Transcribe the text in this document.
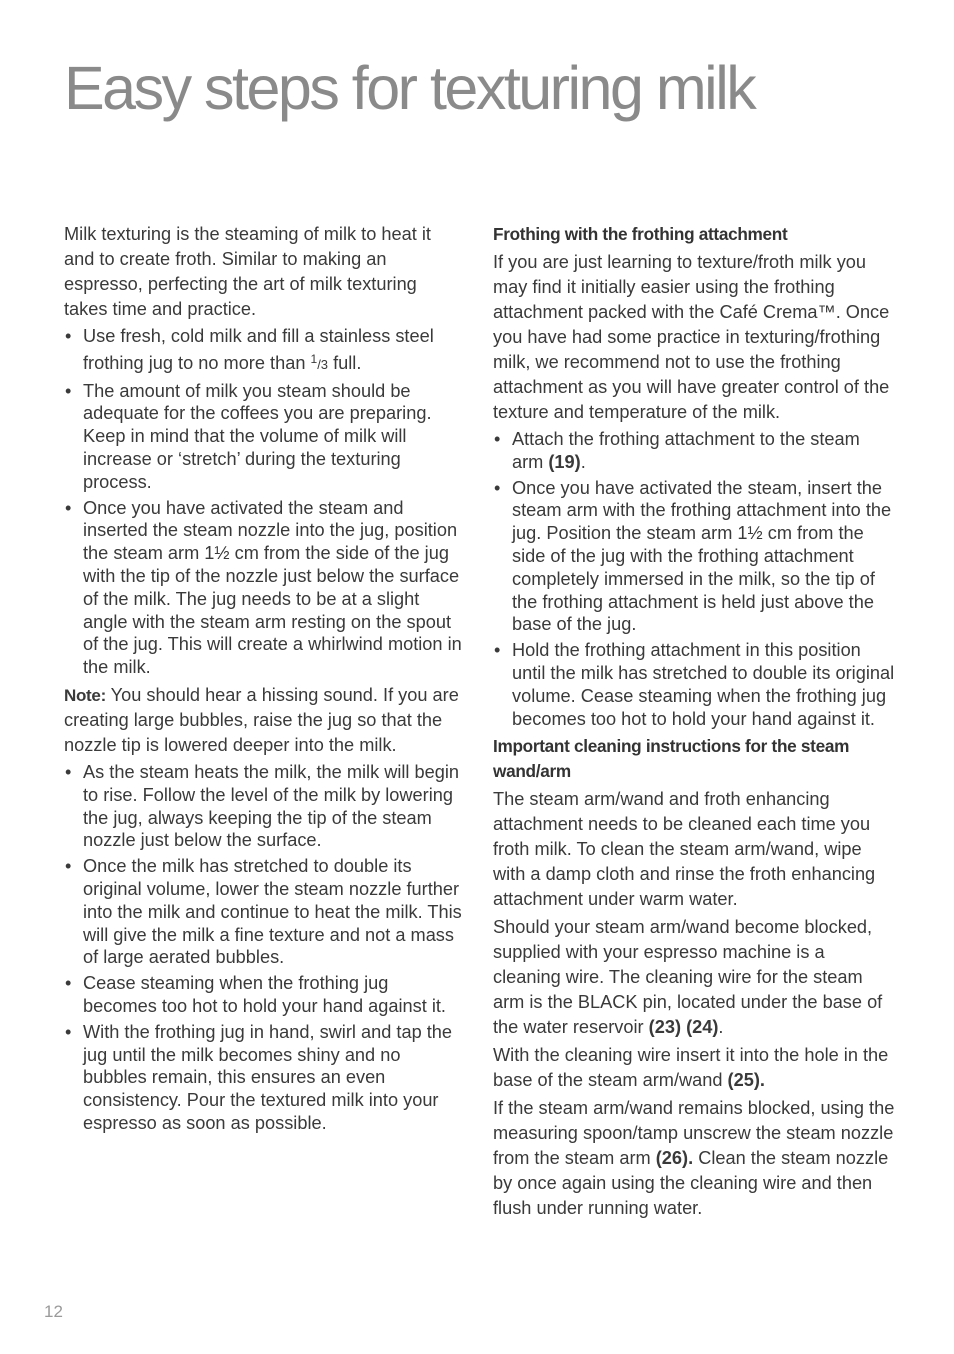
Easy steps for texturing milk

Milk texturing is the steaming of milk to heat it and to create froth. Similar to making an espresso, perfecting the art of milk texturing takes time and practice.

• Use fresh, cold milk and fill a stainless steel frothing jug to no more than $^1$/3 full.
• The amount of milk you steam should be adequate for the coffees you are preparing. Keep in mind that the volume of milk will increase or ‘stretch’ during the texturing process.
• Once you have activated the steam and inserted the steam nozzle into the jug, position the steam arm 1½ cm from the side of the jug with the tip of the nozzle just below the surface of the milk. The jug needs to be at a slight angle with the steam arm resting on the spout of the jug. This will create a whirlwind motion in the milk.

Note: You should hear a hissing sound. If you are creating large bubbles, raise the jug so that the nozzle tip is lowered deeper into the milk.

• As the steam heats the milk, the milk will begin to rise. Follow the level of the milk by lowering the jug, always keeping the tip of the steam nozzle just below the surface.
• Once the milk has stretched to double its original volume, lower the steam nozzle further into the milk and continue to heat the milk. This will give the milk a fine texture and not a mass of large aerated bubbles.
• Cease steaming when the frothing jug becomes too hot to hold your hand against it.
• With the frothing jug in hand, swirl and tap the jug until the milk becomes shiny and no bubbles remain, this ensures an even consistency. Pour the textured milk into your espresso as soon as possible.
Frothing with the frothing attachment

If you are just learning to texture/froth milk you may find it initially easier using the frothing attachment packed with the Café Crema™. Once you have had some practice in texturing/frothing milk, we recommend not to use the frothing attachment as you will have greater control of the texture and temperature of the milk.

• Attach the frothing attachment to the steam arm (19).
• Once you have activated the steam, insert the steam arm with the frothing attachment into the jug. Position the steam arm 1½ cm from the side of the jug with the frothing attachment completely immersed in the milk, so the tip of the frothing attachment is held just above the base of the jug.
• Hold the frothing attachment in this position until the milk has stretched to double its original volume. Cease steaming when the frothing jug becomes too hot to hold your hand against it.
Important cleaning instructions for the steam wand/arm

The steam arm/wand and froth enhancing attachment needs to be cleaned each time you froth milk. To clean the steam arm/wand, wipe with a damp cloth and rinse the froth enhancing attachment under warm water.

Should your steam arm/wand become blocked, supplied with your espresso machine is a cleaning wire. The cleaning wire for the steam arm is the BLACK pin, located under the base of the water reservoir (23) (24).

With the cleaning wire insert it into the hole in the base of the steam arm/wand (25).

If the steam arm/wand remains blocked, using the measuring spoon/tamp unscrew the steam nozzle from the steam arm (26). Clean the steam nozzle by once again using the cleaning wire and then flush under running water.

12
